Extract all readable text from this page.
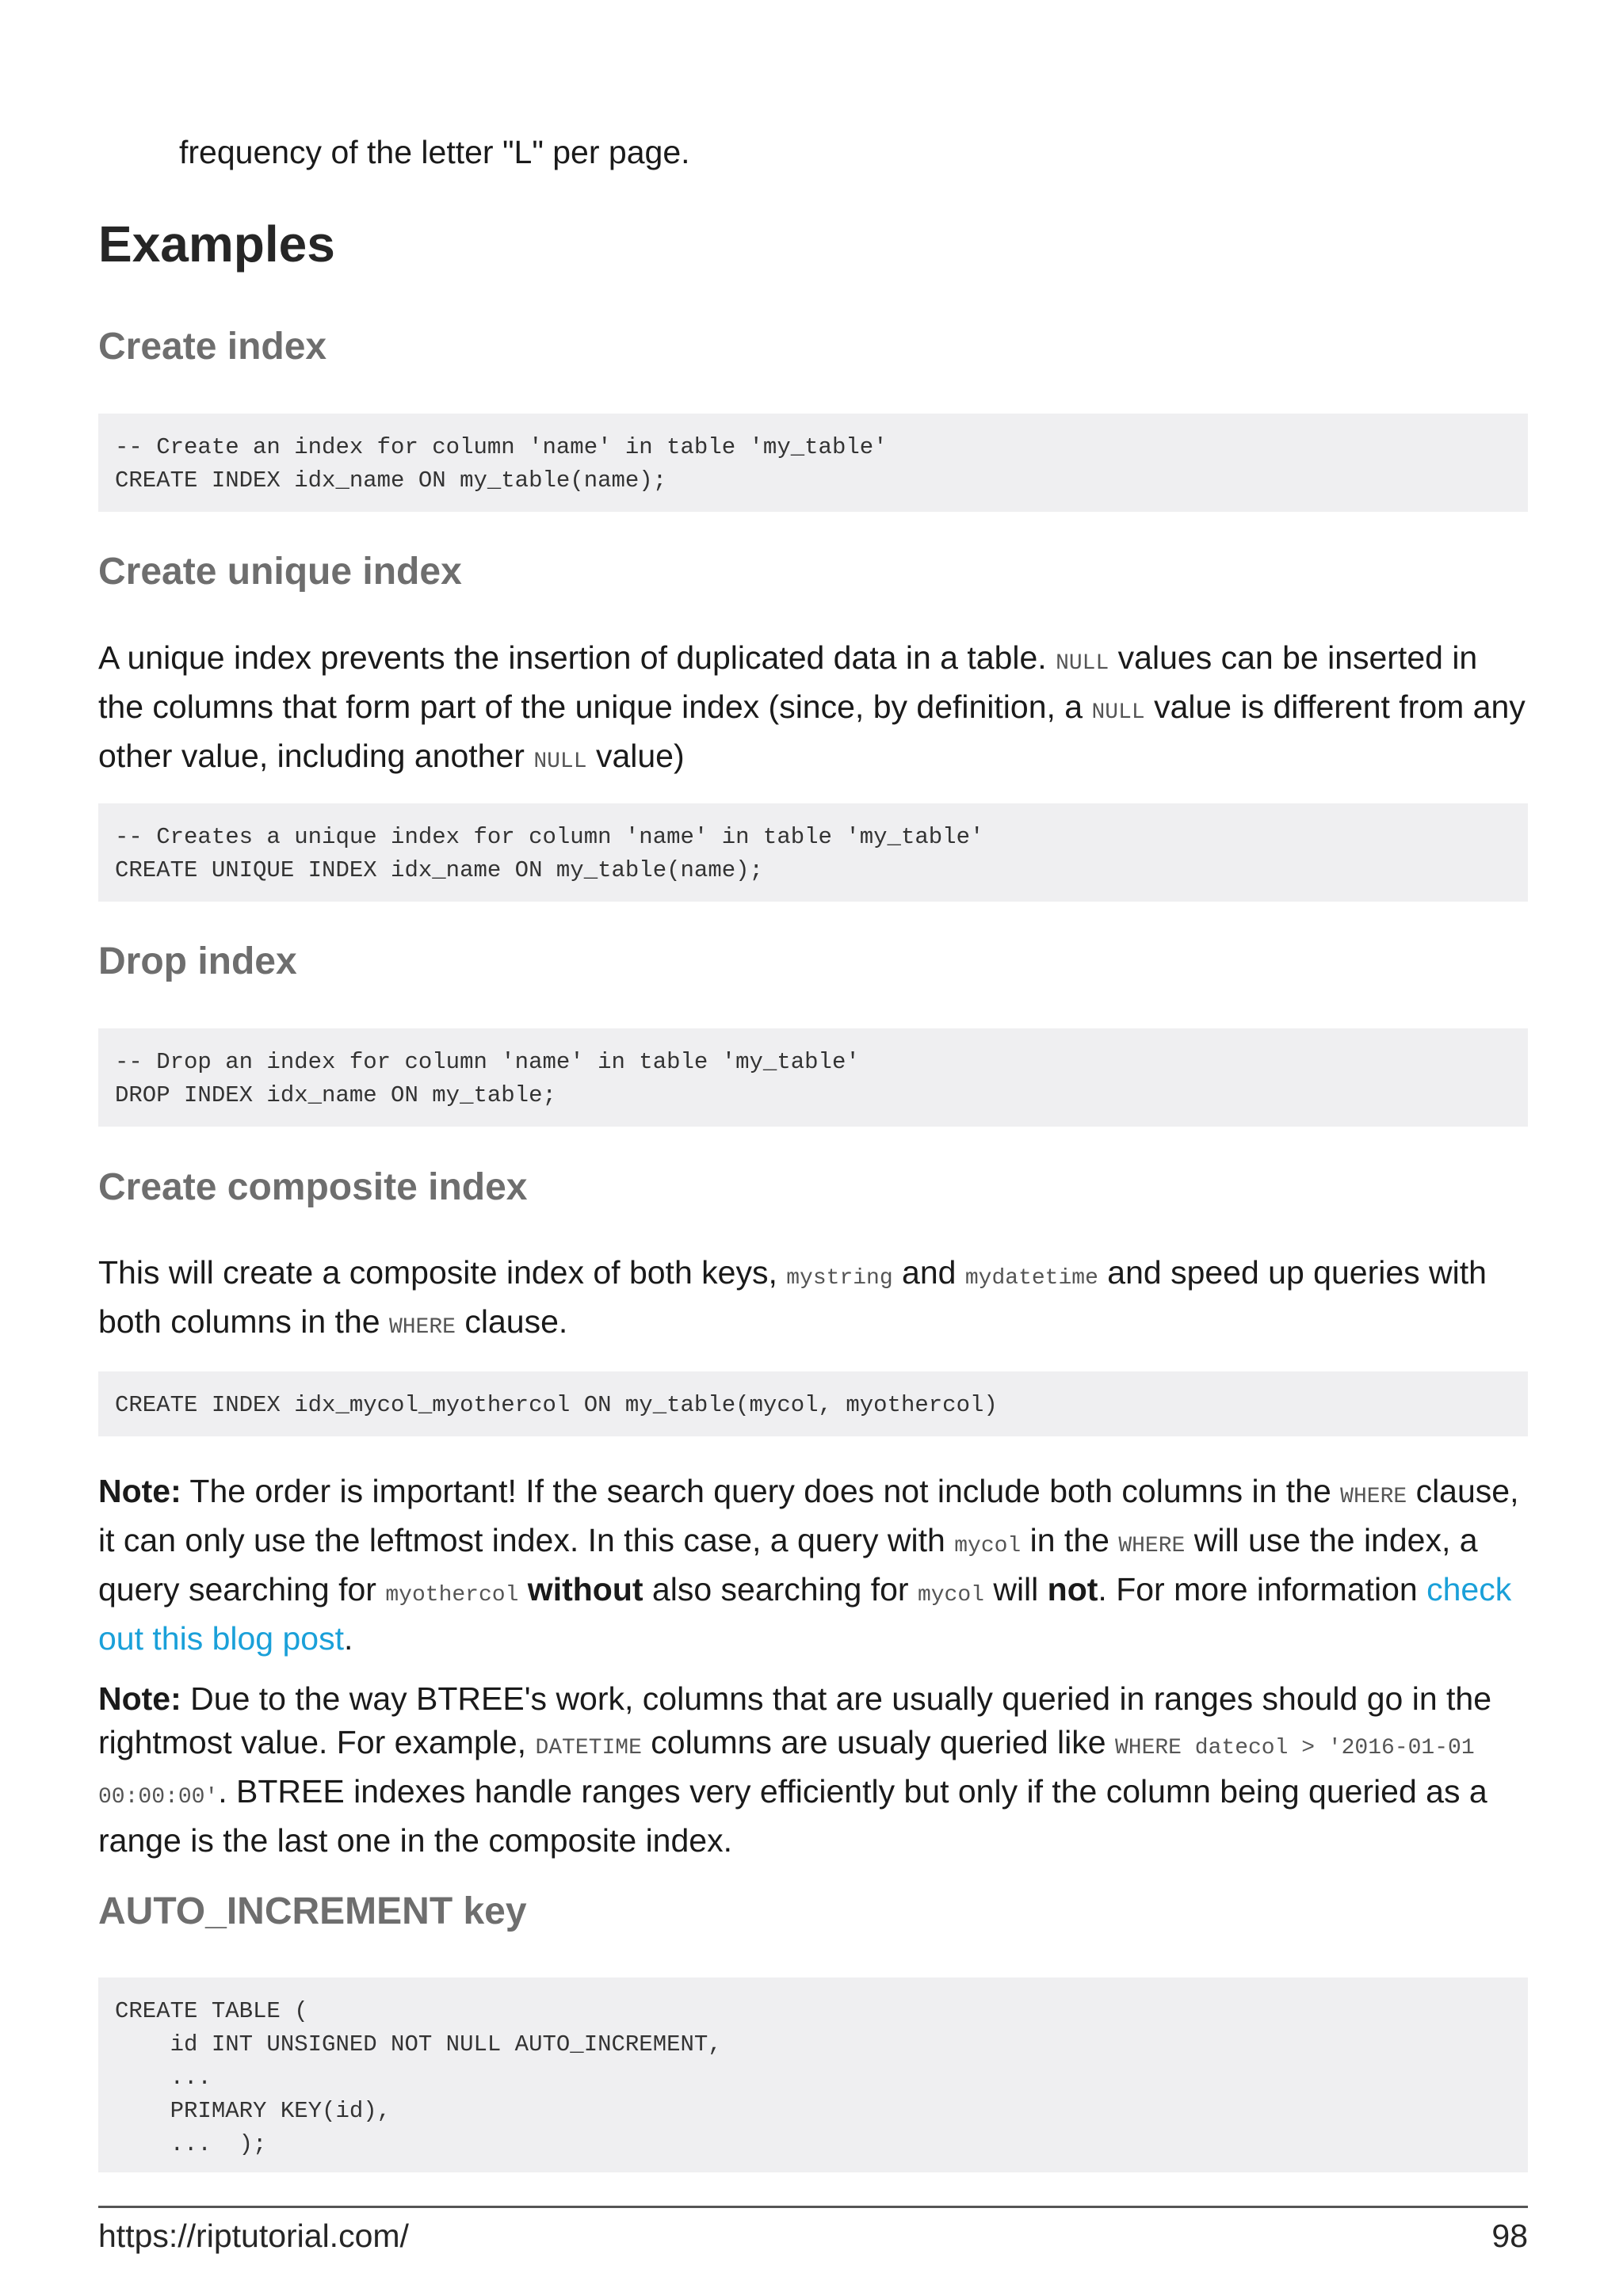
frequency of the letter "L" per page.

Examples
Create index
-- Create an index for column 'name' in table 'my_table'
CREATE INDEX idx_name ON my_table(name);
Create unique index

A unique index prevents the insertion of duplicated data in a table. NULL values can be inserted in the columns that form part of the unique index (since, by definition, a NULL value is different from any other value, including another NULL value)

-- Creates a unique index for column 'name' in table 'my_table'
CREATE UNIQUE INDEX idx_name ON my_table(name);
Drop index
-- Drop an index for column 'name' in table 'my_table'
DROP INDEX idx_name ON my_table;
Create composite index

This will create a composite index of both keys, mystring and mydatetime and speed up queries with both columns in the WHERE clause.

CREATE INDEX idx_mycol_myothercol ON my_table(mycol, myothercol)

Note: The order is important! If the search query does not include both columns in the WHERE clause, it can only use the leftmost index. In this case, a query with mycol in the WHERE will use the index, a query searching for myothercol without also searching for mycol will not. For more information check out this blog post.

Note: Due to the way BTREE's work, columns that are usually queried in ranges should go in the rightmost value. For example, DATETIME columns are usualy queried like WHERE datecol > '2016-01-01 00:00:00'. BTREE indexes handle ranges very efficiently but only if the column being queried as a range is the last one in the composite index.

AUTO_INCREMENT key
CREATE TABLE (
id INT UNSIGNED NOT NULL AUTO_INCREMENT,
...
PRIMARY KEY(id),
...  );
https://riptutorial.com/	98
